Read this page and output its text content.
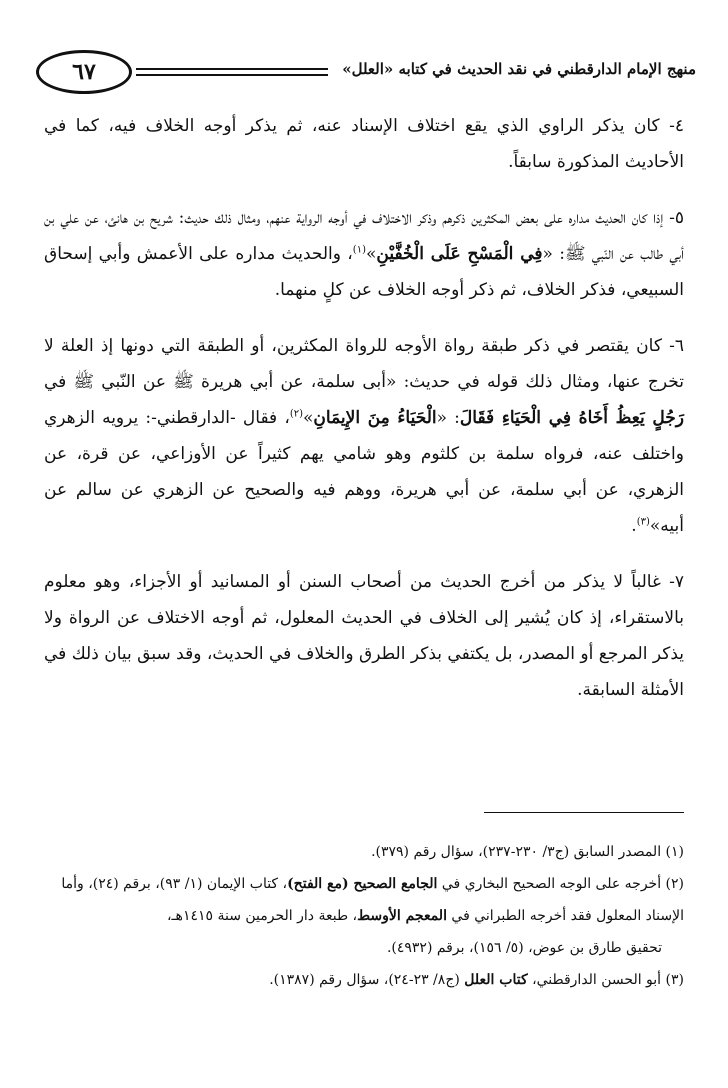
٦٧	منهج الإمام الدارقطني في نقد الحديث في كتابه «العلل»

٤- كان يذكر الراوي الذي يقع اختلاف الإسناد عنه، ثم يذكر أوجه الخلاف فيه، كما في الأحاديث المذكورة سابقاً.

٥- إذا كان الحديث مداره على بعض المكثرين ذكرهم وذكر الاختلاف في أوجه الرواية عنهم، ومثال ذلك حديث: شريح بن هانئ، عن علي بن أبي طالب عن النّبي ﷺ: «فِي الْمَسْحِ عَلَى الْخُفَّيْنِ»$^{(١)}$، والحديث مداره على الأعمش وأبي إسحاق السبيعي، فذكر الخلاف، ثم ذكر أوجه الخلاف عن كلٍ منهما.

٦- كان يقتصر في ذكر طبقة رواة الأوجه للرواة المكثرين، أو الطبقة التي دونها إذ العلة لا تخرج عنها، ومثال ذلك قوله في حديث: «أبى سلمة، عن أبي هريرة ﷺ عن النّبي ﷺ في رَجُلٍ يَعِظُ أَخَاهُ فِي الْحَيَاءِ فَقَالَ: «الْحَيَاءُ مِنَ الإِيمَانِ»$^{(٢)}$، فقال -الدارقطني-: يرويه الزهري واختلف عنه، فرواه سلمة بن كلثوم وهو شامي يهم كثيراً عن الأوزاعي، عن قرة، عن الزهري، عن أبي سلمة، عن أبي هريرة، ووهم فيه والصحيح عن الزهري عن سالم عن أبيه»$^{(٣)}$.

٧- غالباً لا يذكر من أخرج الحديث من أصحاب السنن أو المسانيد أو الأجزاء، وهو معلوم بالاستقراء، إذ كان يُشير إلى الخلاف في الحديث المعلول، ثم أوجه الاختلاف عن الرواة ولا يذكر المرجع أو المصدر، بل يكتفي بذكر الطرق والخلاف في الحديث، وقد سبق بيان ذلك في الأمثلة السابقة.

(١) المصدر السابق (ج٣/ ٢٣٠-٢٣٧)، سؤال رقم (٣٧٩).

(٢) أخرجه على الوجه الصحيح البخاري في الجامع الصحيح (مع الفتح)، كتاب الإيمان (١/ ٩٣)، برقم (٢٤)، وأما الإسناد المعلول فقد أخرجه الطبراني في المعجم الأوسط، طبعة دار الحرمين سنة ١٤١٥هـ،

تحقيق طارق بن عوض، (٥/ ١٥٦)، برقم (٤٩٣٢).

(٣) أبو الحسن الدارقطني، كتاب العلل (ج٨/ ٢٣-٢٤)، سؤال رقم (١٣٨٧).
